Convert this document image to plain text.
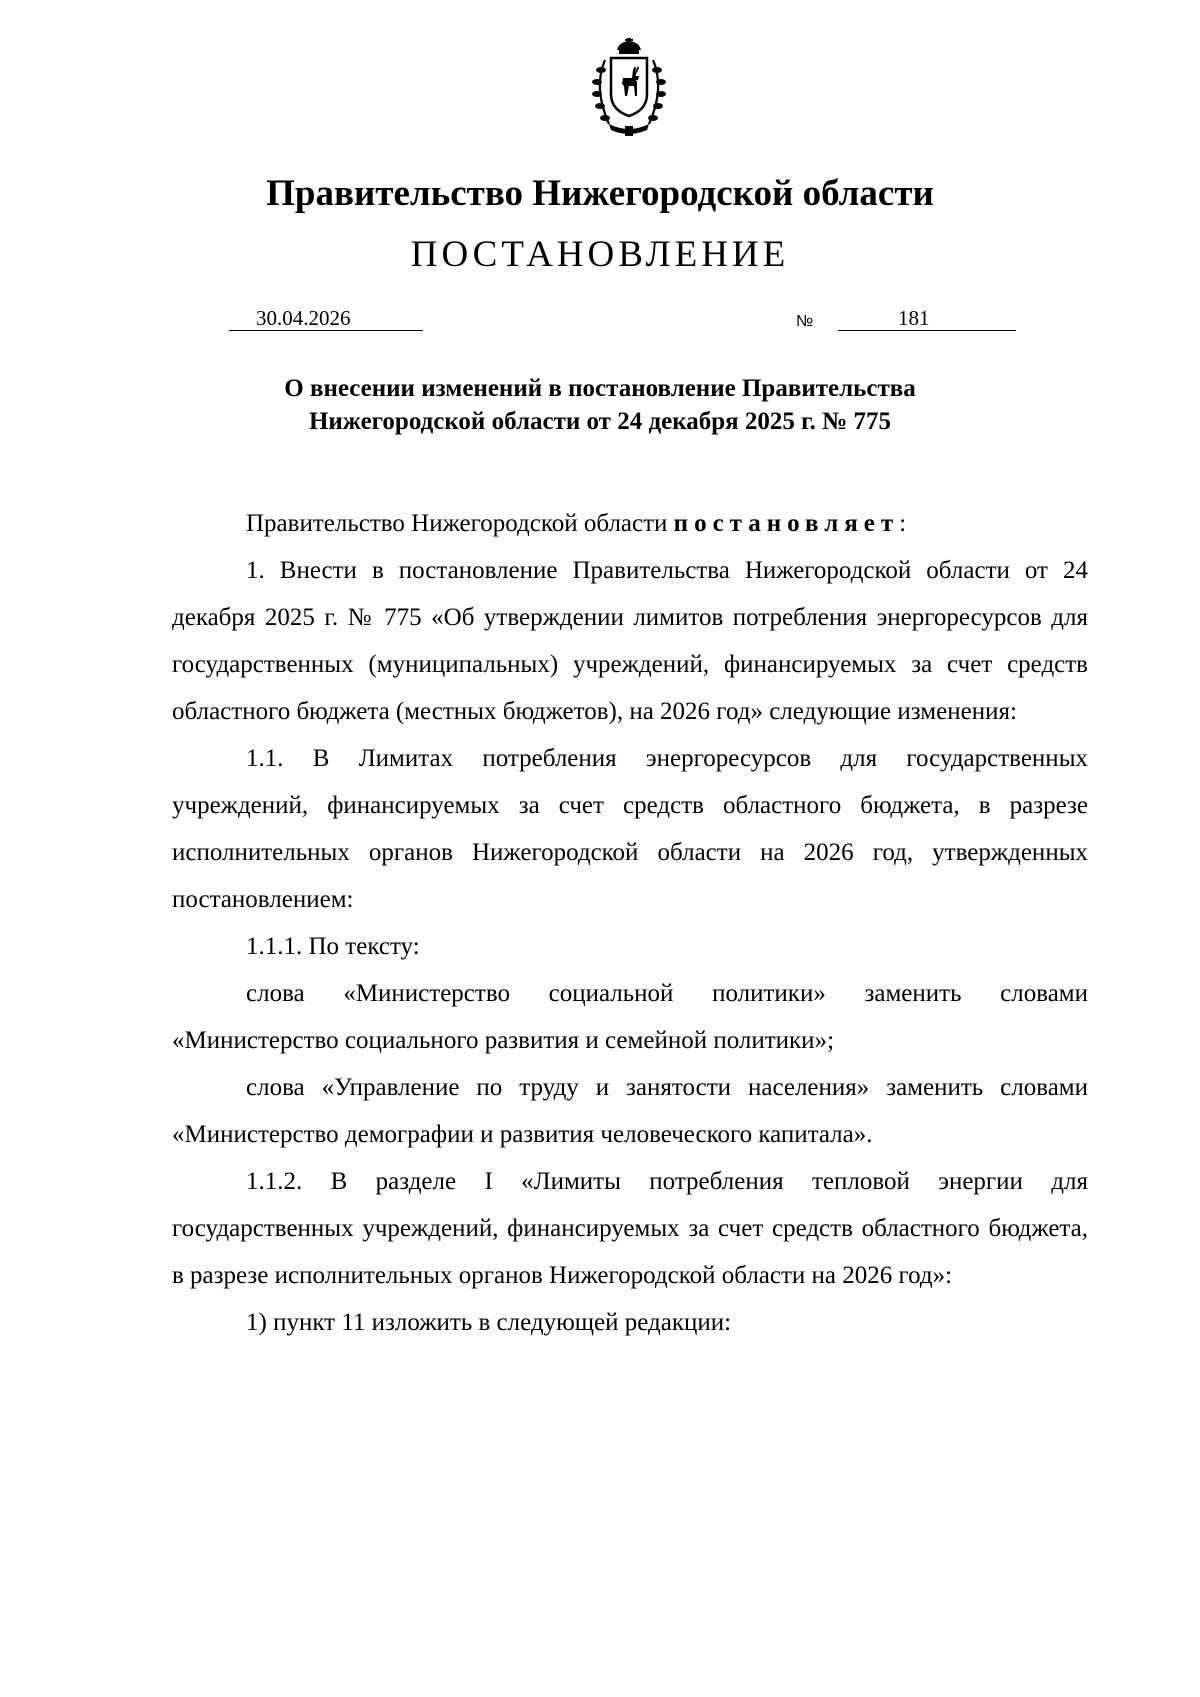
Правительство Нижегородской области
ПОСТАНОВЛЕНИЕ
30.04.2026	№	181
О внесении изменений в постановление Правительства
Нижегородской области от 24 декабря 2025 г. № 775

Правительство Нижегородской области постановляет:

1. Внести в постановление Правительства Нижегородской области от 24 декабря 2025 г. № 775 «Об утверждении лимитов потребления энергоресурсов для государственных (муниципальных) учреждений, финансируемых за счет средств областного бюджета (местных бюджетов), на 2026 год» следующие изменения:

1.1. В Лимитах потребления энергоресурсов для государственных учреждений, финансируемых за счет средств областного бюджета, в разрезе исполнительных органов Нижегородской области на 2026 год, утвержденных постановлением:

1.1.1. По тексту:

слова «Министерство социальной политики» заменить словами «Министерство социального развития и семейной политики»;

слова «Управление по труду и занятости населения» заменить словами «Министерство демографии и развития человеческого капитала».

1.1.2. В разделе I «Лимиты потребления тепловой энергии для государственных учреждений, финансируемых за счет средств областного бюджета, в разрезе исполнительных органов Нижегородской области на 2026 год»:

1) пункт 11 изложить в следующей редакции:
